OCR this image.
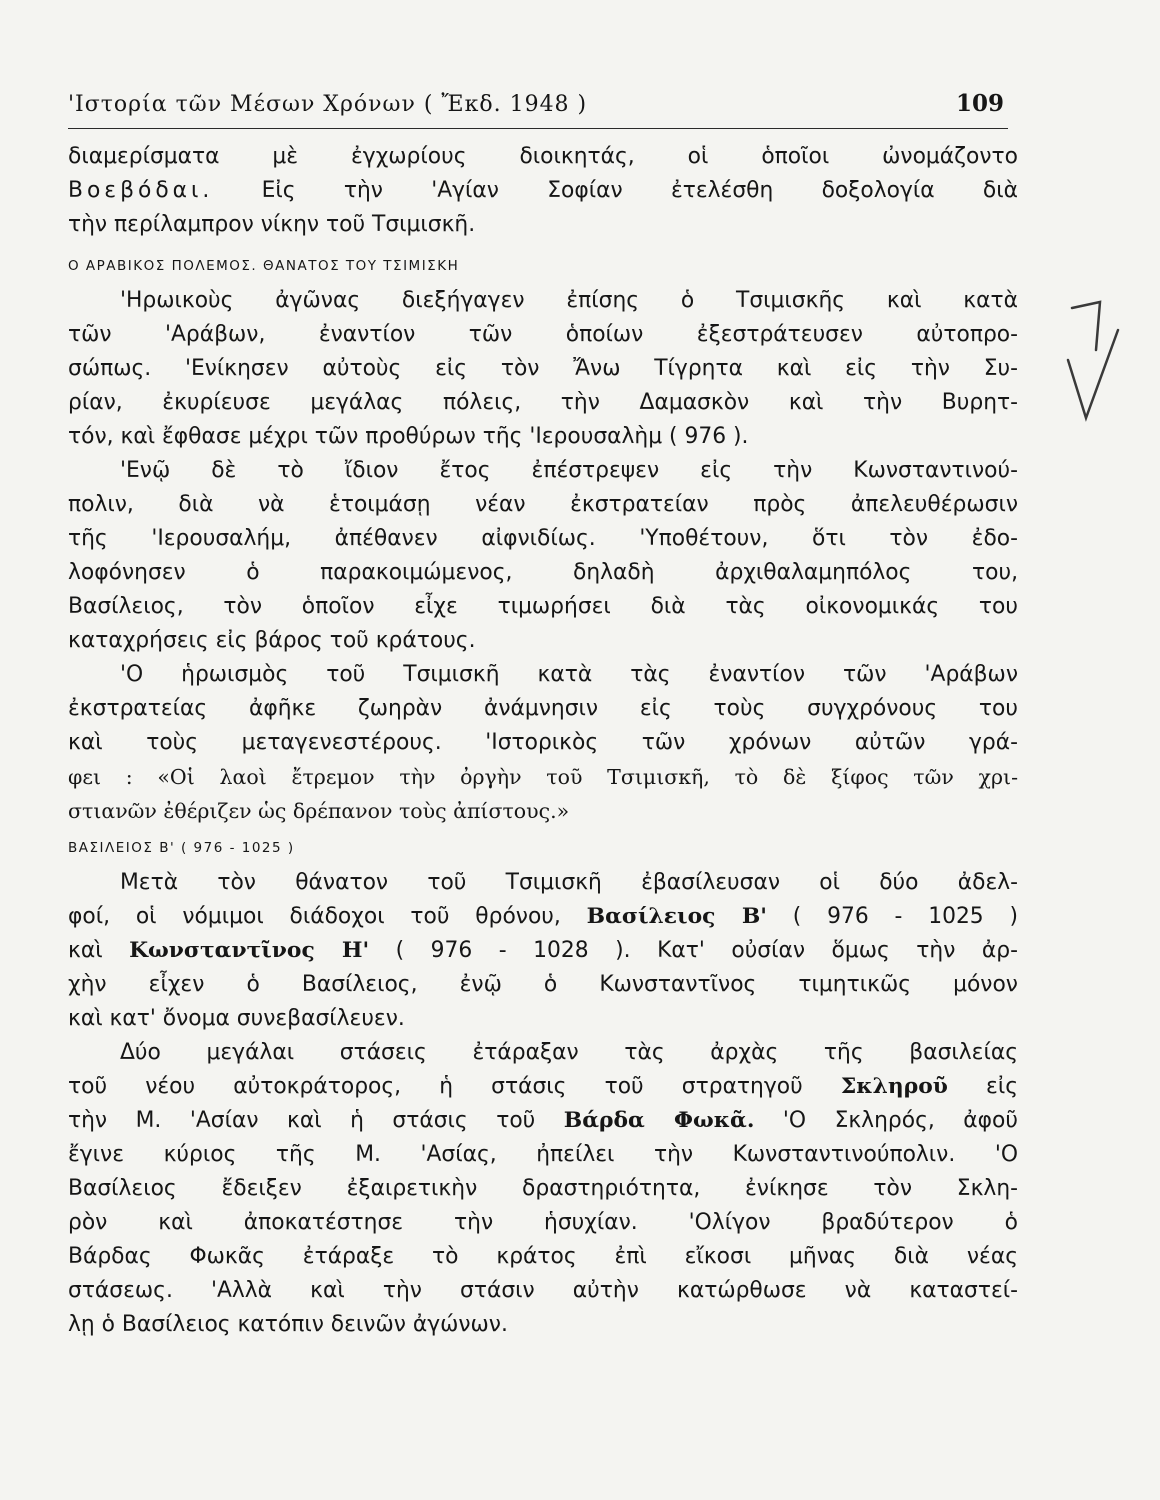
'Ιστορία τῶν Μέσων Χρόνων ( Ἔκδ. 1948 )	109
διαμερίσματα μὲ ἐγχωρίους διοικητάς, οἱ ὁποῖοι ὠνομάζοντο
Βοεβόδαι. Εἰς τὴν 'Αγίαν Σοφίαν ἐτελέσθη δοξολογία διὰ
τὴν περίλαμπρον νίκην τοῦ Τσιμισκῆ.
Ο ΑΡΑΒΙΚΟΣ ΠΟΛΕΜΟΣ. ΘΑΝΑΤΟΣ ΤΟΥ ΤΣΙΜΙΣΚΗ
'Ηρωικοὺς ἀγῶνας διεξήγαγεν ἐπίσης ὁ Τσιμισκῆς καὶ κατὰ
τῶν 'Αράβων, ἐναντίον τῶν ὁποίων ἐξεστράτευσεν αὐτοπρο-
σώπως. 'Ενίκησεν αὐτοὺς εἰς τὸν Ἄνω Τίγρητα καὶ εἰς τὴν Συ-
ρίαν, ἐκυρίευσε μεγάλας πόλεις, τὴν Δαμασκὸν καὶ τὴν Βυρητ-
τόν, καὶ ἔφθασε μέχρι τῶν προθύρων τῆς 'Ιερουσαλὴμ ( 976 ).
'Ενῷ δὲ τὸ ἴδιον ἔτος ἐπέστρεψεν εἰς τὴν Κωνσταντινού-
πολιν, διὰ νὰ ἑτοιμάσῃ νέαν ἐκστρατείαν πρὸς ἀπελευθέρωσιν
τῆς 'Ιερουσαλήμ, ἀπέθανεν αἰφνιδίως. 'Υποθέτουν, ὅτι τὸν ἐδο-
λοφόνησεν ὁ παρακοιμώμενος, δηλαδὴ ἀρχιθαλαμηπόλος του,
Βασίλειος, τὸν ὁποῖον εἶχε τιμωρήσει διὰ τὰς οἰκονομικάς του
καταχρήσεις εἰς βάρος τοῦ κράτους.
'Ο ἡρωισμὸς τοῦ Τσιμισκῆ κατὰ τὰς ἐναντίον τῶν 'Αράβων
ἐκστρατείας ἀφῆκε ζωηρὰν ἀνάμνησιν εἰς τοὺς συγχρόνους του
καὶ τοὺς μεταγενεστέρους. 'Ιστορικὸς τῶν χρόνων αὐτῶν γρά-
φει : «Οἱ λαοὶ ἔτρεμον τὴν ὀργὴν τοῦ Τσιμισκῆ, τὸ δὲ ξίφος τῶν χρι-
στιανῶν ἐθέριζεν ὡς δρέπανον τοὺς ἀπίστους.»
ΒΑΣΙΛΕΙΟΣ Β' ( 976 - 1025 )
Μετὰ τὸν θάνατον τοῦ Τσιμισκῆ ἐβασίλευσαν οἱ δύο ἀδελ-
φοί, οἱ νόμιμοι διάδοχοι τοῦ θρόνου, Βασίλειος Β' ( 976 - 1025 )
καὶ Κωνσταντῖνος Η' ( 976 - 1028 ). Κατ' οὐσίαν ὅμως τὴν ἀρ-
χὴν εἶχεν ὁ Βασίλειος, ἐνῷ ὁ Κωνσταντῖνος τιμητικῶς μόνον
καὶ κατ' ὄνομα συνεβασίλευεν.
Δύο μεγάλαι στάσεις ἐτάραξαν τὰς ἀρχὰς τῆς βασιλείας
τοῦ νέου αὐτοκράτορος, ἡ στάσις τοῦ στρατηγοῦ Σκληροῦ εἰς
τὴν Μ. 'Ασίαν καὶ ἡ στάσις τοῦ Βάρδα Φωκᾶ. 'Ο Σκληρός, ἀφοῦ
ἔγινε κύριος τῆς Μ. 'Ασίας, ἠπείλει τὴν Κωνσταντινούπολιν. 'Ο
Βασίλειος ἔδειξεν ἐξαιρετικὴν δραστηριότητα, ἐνίκησε τὸν Σκλη-
ρὸν καὶ ἀποκατέστησε τὴν ἡσυχίαν. 'Ολίγον βραδύτερον ὁ
Βάρδας Φωκᾶς ἐτάραξε τὸ κράτος ἐπὶ εἴκοσι μῆνας διὰ νέας
στάσεως. 'Αλλὰ καὶ τὴν στάσιν αὐτὴν κατώρθωσε νὰ καταστεί-
λῃ ὁ Βασίλειος κατόπιν δεινῶν ἀγώνων.
7
